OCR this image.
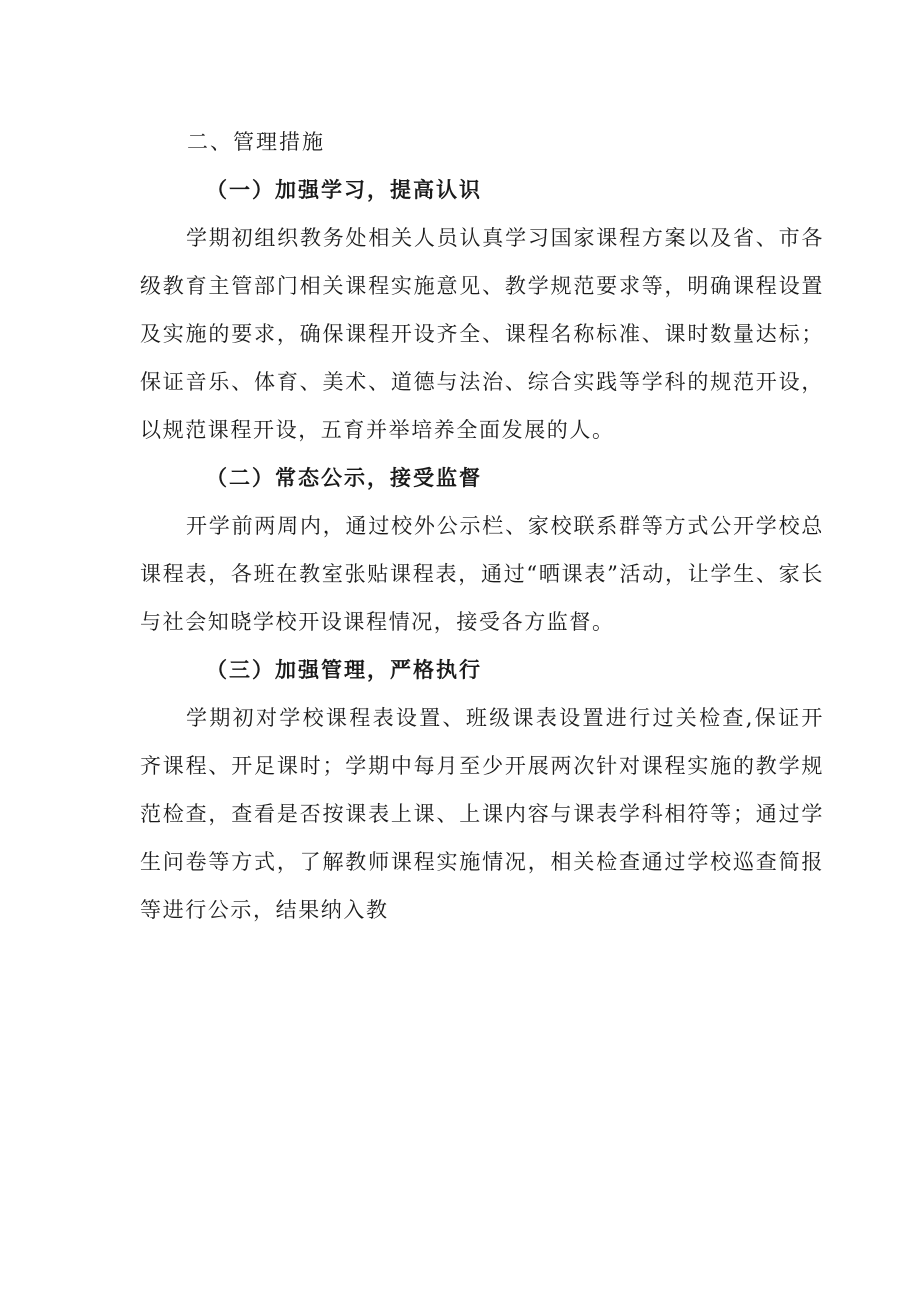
二、管理措施
（一）加强学习，提高认识

学期初组织教务处相关人员认真学习国家课程方案以及省、市各级教育主管部门相关课程实施意见、教学规范要求等，明确课程设置及实施的要求，确保课程开设齐全、课程名称标准、课时数量达标；保证音乐、体育、美术、道德与法治、综合实践等学科的规范开设，以规范课程开设，五育并举培养全面发展的人。

（二）常态公示，接受监督

开学前两周内，通过校外公示栏、家校联系群等方式公开学校总课程表，各班在教室张贴课程表，通过“晒课表”活动，让学生、家长与社会知晓学校开设课程情况，接受各方监督。

（三）加强管理，严格执行

学期初对学校课程表设置、班级课表设置进行过关检查,保证开齐课程、开足课时；学期中每月至少开展两次针对课程实施的教学规范检查，查看是否按课表上课、上课内容与课表学科相符等；通过学生问卷等方式，了解教师课程实施情况，相关检查通过学校巡查简报等进行公示，结果纳入教
